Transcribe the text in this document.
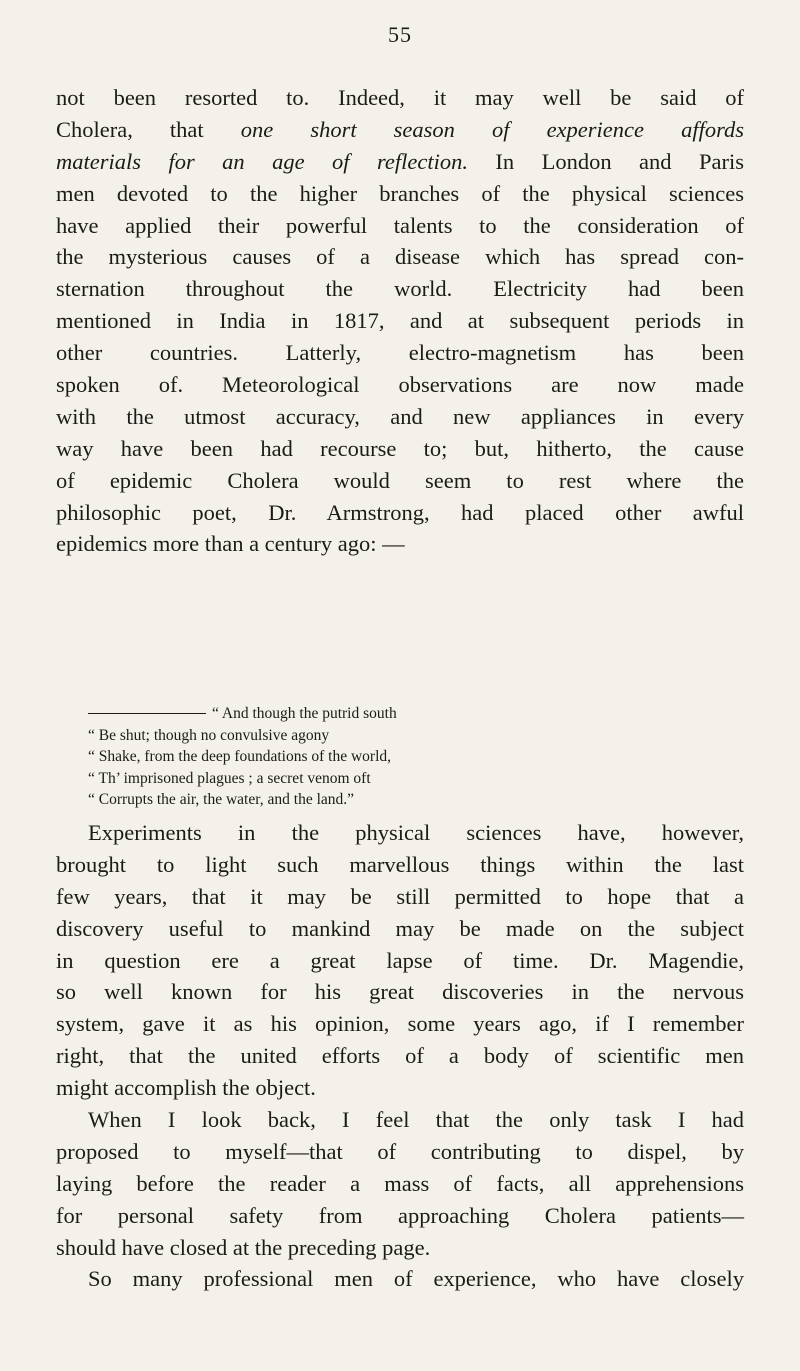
55
not been resorted to. Indeed, it may well be said of
Cholera, that one short season of experience affords
materials for an age of reflection. In London and Paris
men devoted to the higher branches of the physical sciences
have applied their powerful talents to the consideration of
the mysterious causes of a disease which has spread con-
sternation throughout the world. Electricity had been
mentioned in India in 1817, and at subsequent periods in
other countries. Latterly, electro-magnetism has been
spoken of. Meteorological observations are now made
with the utmost accuracy, and new appliances in every
way have been had recourse to; but, hitherto, the cause
of epidemic Cholera would seem to rest where the
philosophic poet, Dr. Armstrong, had placed other awful
epidemics more than a century ago: —
“ And though the putrid south
“ Be shut; though no convulsive agony
“ Shake, from the deep foundations of the world,
“ Th’ imprisoned plagues ; a secret venom oft
“ Corrupts the air, the water, and the land.”
Experiments in the physical sciences have, however,
brought to light such marvellous things within the last
few years, that it may be still permitted to hope that a
discovery useful to mankind may be made on the subject
in question ere a great lapse of time. Dr. Magendie,
so well known for his great discoveries in the nervous
system, gave it as his opinion, some years ago, if I remember
right, that the united efforts of a body of scientific men
might accomplish the object.
When I look back, I feel that the only task I had
proposed to myself—that of contributing to dispel, by
laying before the reader a mass of facts, all apprehensions
for personal safety from approaching Cholera patients—
should have closed at the preceding page.
So many professional men of experience, who have closely
